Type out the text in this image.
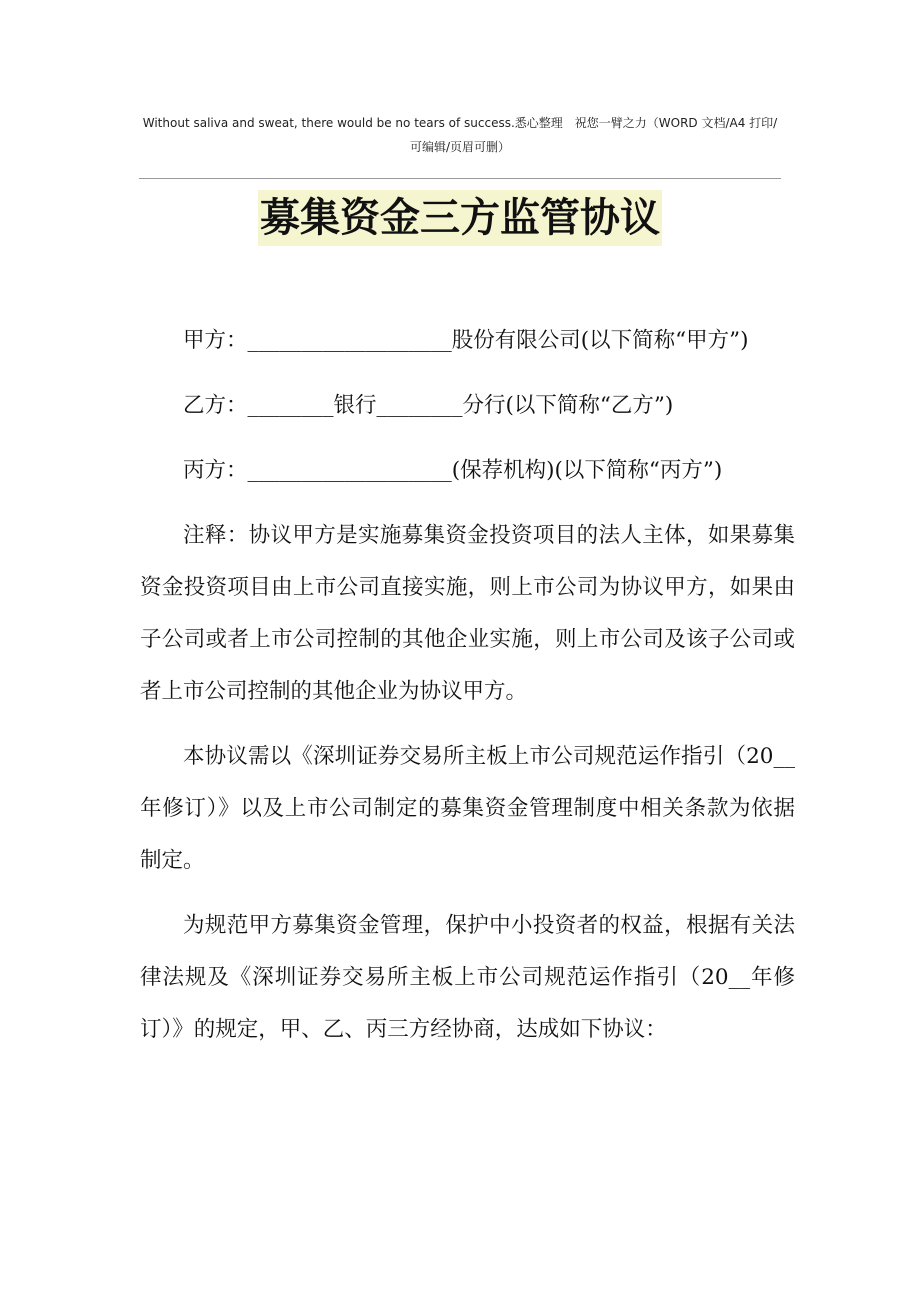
Without saliva and sweat, there would be no tears of success.悉心整理　祝您一臂之力（WORD 文档/A4 打印/
可编辑/页眉可删）
募集资金三方监管协议

甲方：___________________股份有限公司(以下简称“甲方”)

乙方：________银行________分行(以下简称“乙方”)

丙方：___________________(保荐机构)(以下简称“丙方”)

注释：协议甲方是实施募集资金投资项目的法人主体，如果募集资金投资项目由上市公司直接实施，则上市公司为协议甲方，如果由子公司或者上市公司控制的其他企业实施，则上市公司及该子公司或者上市公司控制的其他企业为协议甲方。

本协议需以《深圳证券交易所主板上市公司规范运作指引（20__年修订）》以及上市公司制定的募集资金管理制度中相关条款为依据制定。

为规范甲方募集资金管理，保护中小投资者的权益，根据有关法律法规及《深圳证券交易所主板上市公司规范运作指引（20__年修订）》的规定，甲、乙、丙三方经协商，达成如下协议：
